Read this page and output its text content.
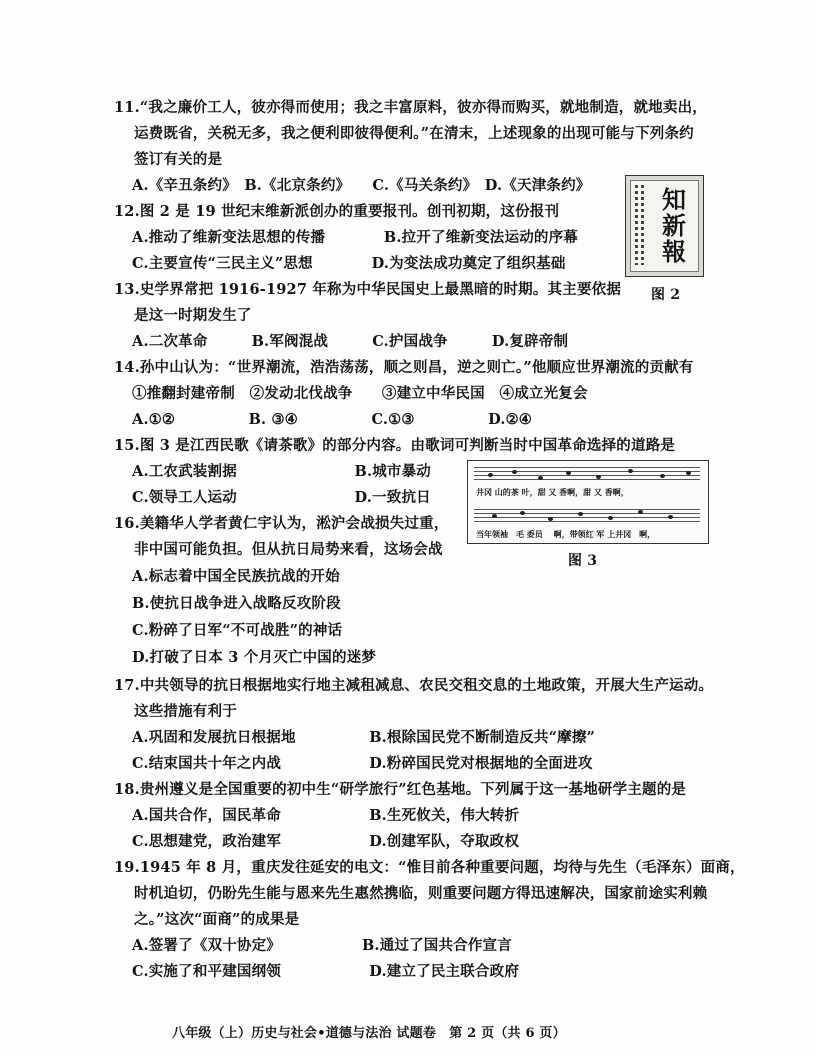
11.“我之廉价工人，彼亦得而使用；我之丰富原料，彼亦得而购买，就地制造，就地卖出，
运费既省，关税无多，我之便利即彼得便利。”在清末，上述现象的出现可能与下列条约
签订有关的是
A.《辛丑条约》　B.《北京条约》　　C.《马关条约》　D.《天津条约》
12.图 2 是 19 世纪末维新派创办的重要报刊。创刊初期，这份报刊
A.推动了维新变法思想的传播　　　　B.拉开了维新变法运动的序幕
C.主要宣传“三民主义”思想　　　　D.为变法成功奠定了组织基础
13.史学界常把 1916-1927 年称为中华民国史上最黑暗的时期。其主要依据
是这一时期发生了
A.二次革命　　　B.军阀混战　　　C.护国战争　　　D.复辟帝制
14.孙中山认为：“世界潮流，浩浩荡荡，顺之则昌，逆之则亡。”他顺应世界潮流的贡献有
①推翻封建帝制　②发动北伐战争　　③建立中华民国　④成立光复会
A.①②　　　　　B. ③④　　　　　C.①③　　　　　D.②④
15.图 3 是江西民歌《请茶歌》的部分内容。由歌词可判断当时中国革命选择的道路是
A.工农武装割据　　　　　　　　B.城市暴动
C.领导工人运动　　　　　　　　D.一致抗日
16.美籍华人学者黄仁宇认为，淞沪会战损失过重，
非中国可能负担。但从抗日局势来看，这场会战
A.标志着中国全民族抗战的开始
B.使抗日战争进入战略反攻阶段
C.粉碎了日军“不可战胜”的神话
D.打破了日本 3 个月灭亡中国的迷梦
17.中共领导的抗日根据地实行地主减租减息、农民交租交息的土地政策，开展大生产运动。
这些措施有利于
A.巩固和发展抗日根据地　　　　　B.根除国民党不断制造反共“摩擦”
C.结束国共十年之内战　　　　　　D.粉碎国民党对根据地的全面进攻
18.贵州遵义是全国重要的初中生“研学旅行”红色基地。下列属于这一基地研学主题的是
A.国共合作，国民革命　　　　　　B.生死攸关，伟大转折
C.思想建党，政治建军　　　　　　D.创建军队，夺取政权
19.1945 年 8 月，重庆发往延安的电文：“惟目前各种重要问题，均待与先生（毛泽东）面商，
时机迫切，仍盼先生能与恩来先生惠然携临，则重要问题方得迅速解决，国家前途实利赖
之。”这次“面商”的成果是
A.签署了《双十协定》　　　　　　B.通过了国共合作宣言
C.实施了和平建国纲领　　　　　　D.建立了民主联合政府
知
新
報
图 2
井冈 山的茶 叶，甜 又 香啊，甜 又 香啊，
当年领袖　毛 委员　 啊，带领红 军 上井冈　啊，
图 3
八年级（上）历史与社会•道德与法治 试题卷　第 2 页（共 6 页）
